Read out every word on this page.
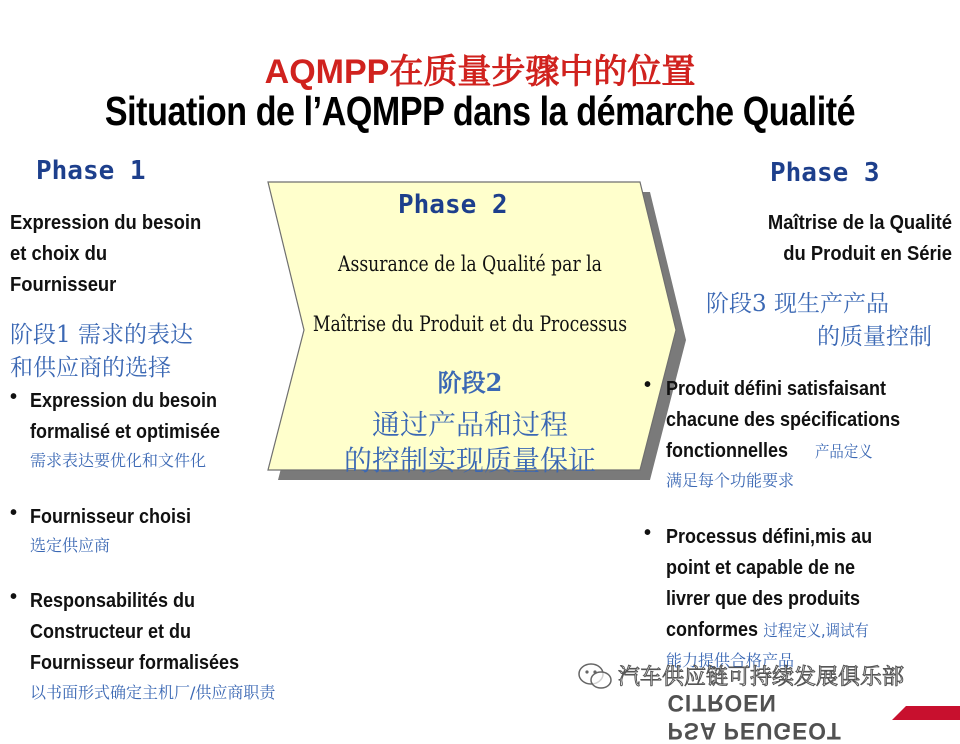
AQMPP在质量步骤中的位置
Situation de l’AQMPP dans la démarche Qualité
Phase 1
Expression du besoin
et choix du
Fournisseur
阶段1 需求的表达
和供应商的选择
• Expression du besoin
formalisé et optimisée
需求表达要优化和文件化
• Fournisseur choisi
选定供应商
• Responsabilités du
Constructeur et du
Fournisseur formalisées
以书面形式确定主机厂/供应商职责
Phase 2
Assurance de la Qualité par la
Maîtrise du Produit et du Processus
阶段2
通过产品和过程
的控制实现质量保证
Phase 3
Maîtrise de la Qualité
du Produit en Série
阶段3 现生产产品
的质量控制
• Produit défini satisfaisant
chacune des spécifications
fonctionnelles 产品定义
满足每个功能要求
• Processus défini,mis au
point et capable de ne
livrer que des produits
conformes 过程定义,调试有
能力提供合格产品
PSA PEUGEOT CITROEN
汽车供应链可持续发展俱乐部
